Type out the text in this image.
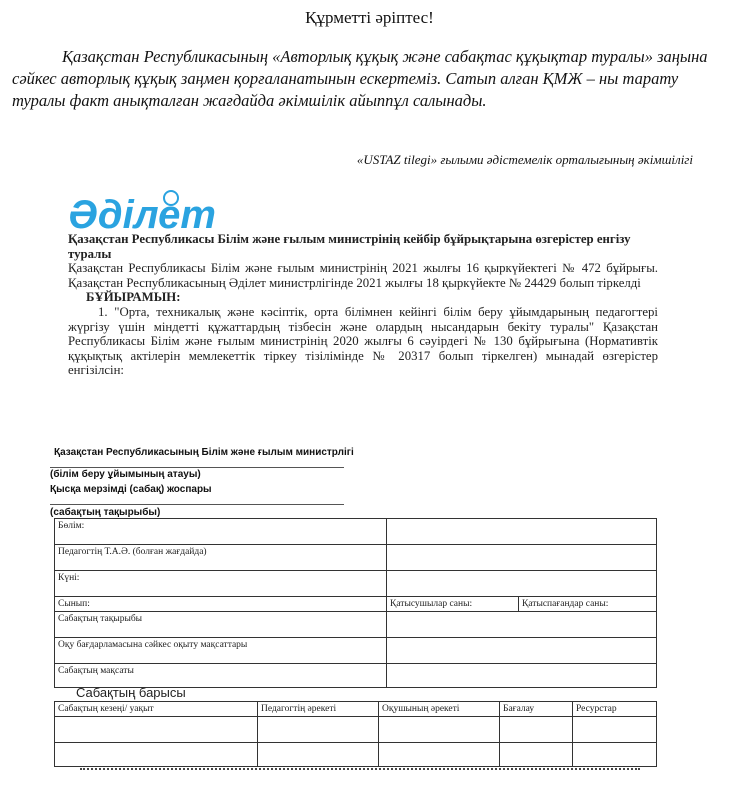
Құрметті әріптес!
Қазақстан Республикасының «Авторлық құқық және сабақтас құқықтар туралы» заңына сәйкес авторлық құқық заңмен қорғаланатынын ескертеміз. Сатып алған ҚМЖ – ны тарату туралы факт анықталған жағдайда әкімшілік айыппұл салынады.
«USTAZ tilegi» ғылыми әдістемелік орталығының әкімшілігі
Әділет
Қазақстан Республикасы Білім және ғылым министрінің кейбір бұйрықтарына өзгерістер енгізу туралы
Қазақстан Республикасы Білім және ғылым министрінің 2021 жылғы 16 қыркүйектегі № 472 бұйрығы. Қазақстан Республикасының Әділет министрлігінде 2021 жылғы 18 қыркүйекте № 24429 болып тіркелді
БҰЙЫРАМЫН:
1. "Орта, техникалық және кәсіптік, орта білімнен кейінгі білім беру ұйымдарының педагогтері жүргізу үшін міндетті құжаттардың тізбесін және олардың нысандарын бекіту туралы" Қазақстан Республикасы Білім және ғылым министрінің 2020 жылғы 6 сәуірдегі № 130 бұйрығына (Нормативтік құқықтық актілерін мемлекеттік тіркеу тізілімінде № 20317 болып тіркелген) мынадай өзгерістер енгізілсін:
Қазақстан Республикасының Білім және ғылым министрлігі
(білім беру ұйымының атауы)
Қысқа мерзімді (сабақ) жоспары
(сабақтың тақырыбы)
Бөлім:		
Педагогтің Т.А.Ә. (болған жағдайда)		
Күні:		
Сынып:	Қатысушылар саны:	Қатыспағандар саны:
Сабақтың тақырыбы		
Оқу бағдарламасына сәйкес оқыту мақсаттары		
Сабақтың мақсаты		
Сабақтың барысы
Сабақтың кезеңі/ уақыт	Педагогтің әрекеті	Оқушының әрекеті	Бағалау	Ресурстар
